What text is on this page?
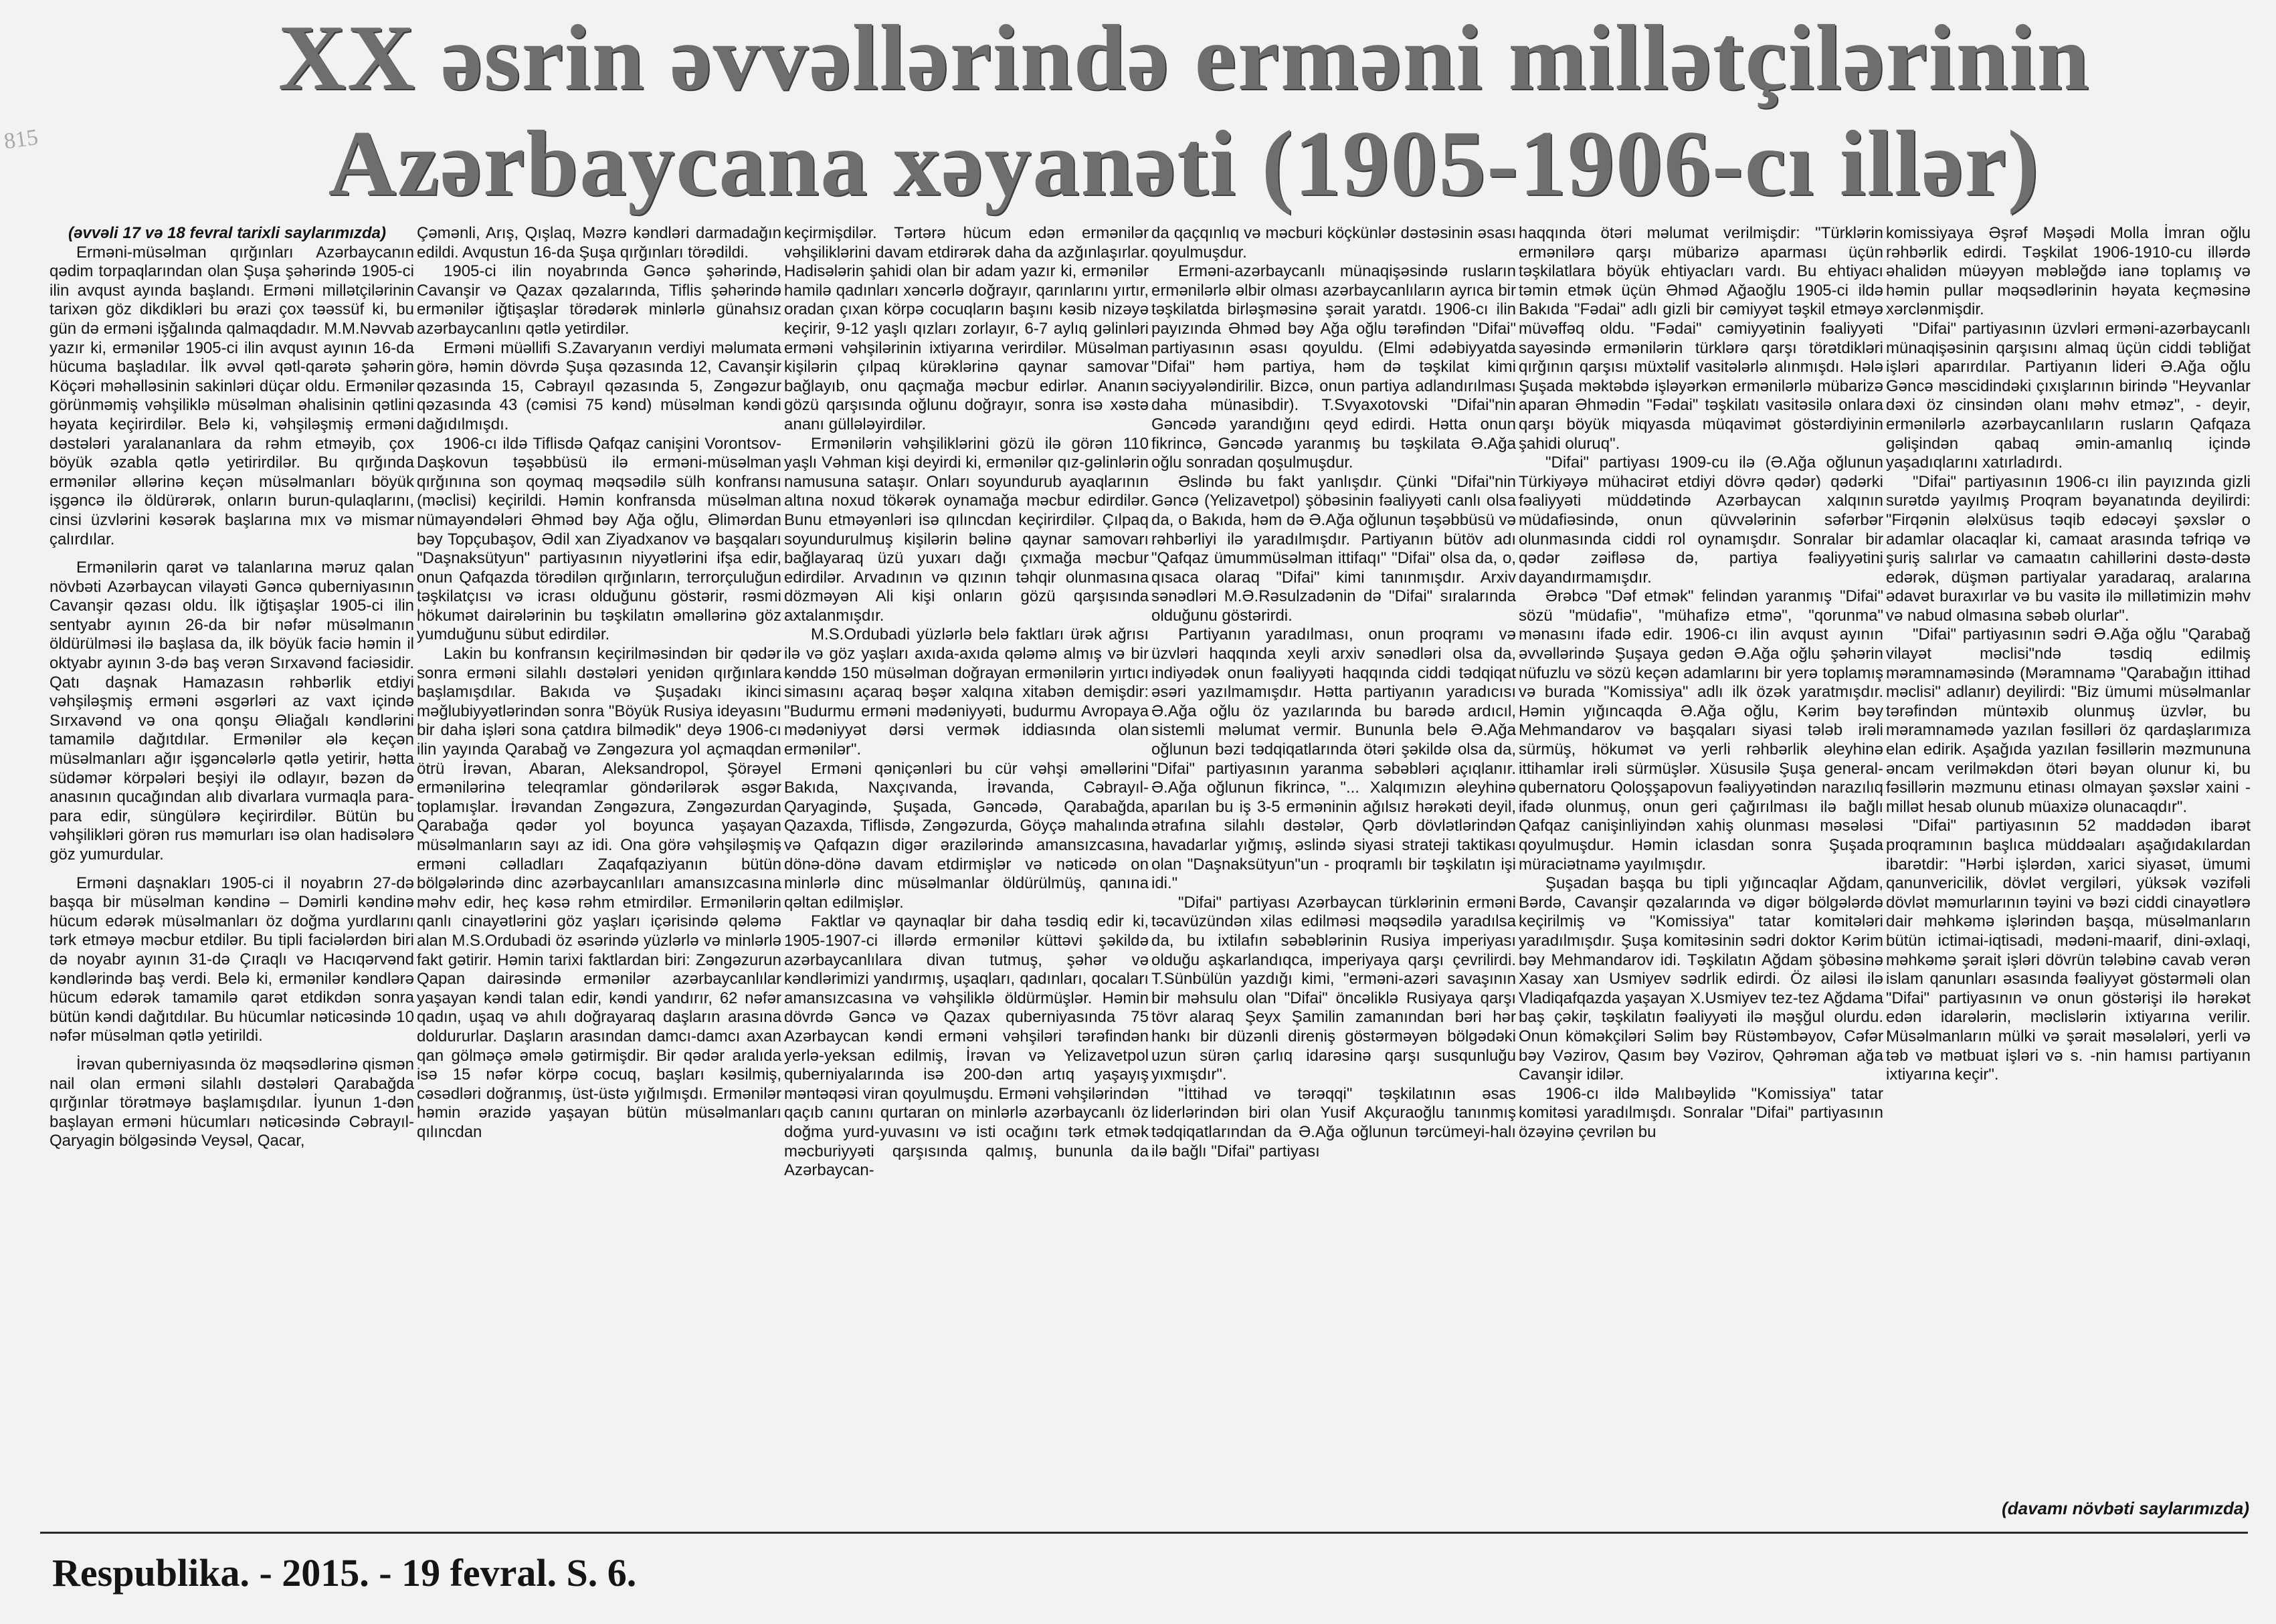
815
XX əsrin əvvəllərində erməni millətçilərinin
Azərbaycana xəyanəti (1905-1906-cı illər)

(əvvəli 17 və 18 fevral tarixli saylarımızda)

Erməni-müsəlman qırğınları Azərbaycanın qədim torpaqlarından olan Şuşa şəhərində 1905-ci ilin avqust ayında başlandı. Erməni millətçilərinin tarixən göz dikdikləri bu ərazi çox təəssüf ki, bu gün də erməni işğalında qalmaqdadır. M.M.Nəvvab yazır ki, ermənilər 1905-ci ilin avqust ayının 16-da hücuma başladılar. İlk əvvəl qətl-qarətə şəhərin Köçəri məhəlləsinin sakinləri düçar oldu. Ermənilər görünməmiş vəhşiliklə müsəlman əhalisinin qətlini həyata keçirirdilər. Belə ki, vəhşiləşmiş erməni dəstələri yaralananlara da rəhm etməyib, çox böyük əzabla qətlə yetirirdilər. Bu qırğında ermənilər əllərinə keçən müsəlmanları böyük işgəncə ilə öldürərək, onların burun-qulaqlarını, cinsi üzvlərini kəsərək başlarına mıx və mismar çalırdılar.

Ermənilərin qarət və talanlarına məruz qalan növbəti Azərbaycan vilayəti Gəncə quberniyasının Cavanşir qəzası oldu. İlk iğtişaşlar 1905-ci ilin sentyabr ayının 26-da bir nəfər müsəlmanın öldürülməsi ilə başlasa da, ilk böyük faciə həmin il oktyabr ayının 3-də baş verən Sırxavənd faciəsidir. Qatı daşnak Hamazasın rəhbərlik etdiyi vəhşiləşmiş erməni əsgərləri az vaxt içində Sırxavənd və ona qonşu Əliağalı kəndlərini tamamilə dağıtdılar. Ermənilər ələ keçən müsəlmanları ağır işgəncələrlə qətlə yetirir, hətta südəmər körpələri beşiyi ilə odlayır, bəzən də anasının qucağından alıb divarlara vurmaqla para-para edir, süngülərə keçirirdilər. Bütün bu vəhşilikləri görən rus məmurları isə olan hadisələrə göz yumurdular.

Erməni daşnakları 1905-ci il noyabrın 27-də başqa bir müsəlman kəndinə – Dəmirli kəndinə hücum edərək müsəlmanları öz doğma yurdlarını tərk etməyə məcbur etdilər. Bu tipli faciələrdən biri də noyabr ayının 31-də Çıraqlı və Hacıqərvənd kəndlərində baş verdi. Belə ki, ermənilər kəndlərə hücum edərək tamamilə qarət etdikdən sonra bütün kəndi dağıtdılar. Bu hücumlar nəticəsində 10 nəfər müsəlman qətlə yetirildi.

İrəvan quberniyasında öz məqsədlərinə qismən nail olan erməni silahlı dəstələri Qarabağda qırğınlar törətməyə başlamışdılar. İyunun 1-dən başlayan erməni hücumları nəticəsində Cəbrayıl-Qaryagin bölgəsində Veysəl, Qacar,

Çəmənli, Arış, Qışlaq, Məzrə kəndləri darmadağın edildi. Avqustun 16-da Şuşa qırğınları törədildi.

1905-ci ilin noyabrında Gəncə şəhərində, Cavanşir və Qazax qəzalarında, Tiflis şəhərində ermənilər iğtişaşlar törədərək minlərlə günahsız azərbaycanlını qətlə yetirdilər.

Erməni müəllifi S.Zavaryanın verdiyi məlumata görə, həmin dövrdə Şuşa qəzasında 12, Cavanşir qəzasında 15, Cəbrayıl qəzasında 5, Zəngəzur qəzasında 43 (cəmisi 75 kənd) müsəlman kəndi dağıdılmışdı.

1906-cı ildə Tiflisdə Qafqaz canişini Vorontsov-Daşkovun təşəbbüsü ilə erməni-müsəlman qırğınına son qoymaq məqsədilə sülh konfransı (məclisi) keçirildi. Həmin konfransda müsəlman nümayəndələri Əhməd bəy Ağa oğlu, Əlimərdan bəy Topçubaşov, Ədil xan Ziyadxanov və başqaları "Daşnaksütyun" partiyasının niyyətlərini ifşa edir, onun Qafqazda törədilən qırğınların, terrorçuluğun təşkilatçısı və icrası olduğunu göstərir, rəsmi hökumət dairələrinin bu təşkilatın əməllərinə göz yumduğunu sübut edirdilər.

Lakin bu konfransın keçirilməsindən bir qədər sonra erməni silahlı dəstələri yenidən qırğınlara başlamışdılar. Bakıda və Şuşadakı ikinci məğlubiyyətlərindən sonra "Böyük Rusiya ideyasını bir daha işləri sona çatdıra bilmədik" deyə 1906-cı ilin yayında Qarabağ və Zəngəzura yol açmaqdan ötrü İrəvan, Abaran, Aleksandropol, Şörəyel ermənilərinə teleqramlar göndərilərək əsgər toplamışlar. İrəvandan Zəngəzura, Zəngəzurdan Qarabağa qədər yol boyunca yaşayan müsəlmanların sayı az idi. Ona görə vəhşiləşmiş erməni cəlladları Zaqafqaziyanın bütün bölgələrində dinc azərbaycanlıları amansızcasına məhv edir, heç kəsə rəhm etmirdilər. Ermənilərin qanlı cinayətlərini göz yaşları içərisində qələmə alan M.S.Ordubadi öz əsərində yüzlərlə və minlərlə fakt gətirir. Həmin tarixi faktlardan biri: Zəngəzurun Qapan dairəsində ermənilər azərbaycanlılar yaşayan kəndi talan edir, kəndi yandırır, 62 nəfər qadın, uşaq və ahılı doğrayaraq daşların arasına doldururlar. Daşların arasından damcı-damcı axan qan gölməçə əmələ gətirmişdir. Bir qədər aralıda isə 15 nəfər körpə cocuq, başları kəsilmiş, cəsədləri doğranmış, üst-üstə yığılmışdı. Ermənilər həmin ərazidə yaşayan bütün müsəlmanları qılıncdan

keçirmişdilər. Tərtərə hücum edən ermənilər vəhşiliklərini davam etdirərək daha da azğınlaşırlar. Hadisələrin şahidi olan bir adam yazır ki, ermənilər hamilə qadınları xəncərlə doğrayır, qarınlarını yırtır, oradan çıxan körpə cocuqların başını kəsib nizəyə keçirir, 9-12 yaşlı qızları zorlayır, 6-7 aylıq gəlinləri erməni vəhşilərinin ixtiyarına verirdilər. Müsəlman kişilərin çılpaq kürəklərinə qaynar samovar bağlayıb, onu qaçmağa məcbur edirlər. Ananın gözü qarşısında oğlunu doğrayır, sonra isə xəstə ananı güllələyirdilər.

Ermənilərin vəhşiliklərini gözü ilə görən 110 yaşlı Vəhman kişi deyirdi ki, ermənilər qız-gəlinlərin namusuna sataşır. Onları soyundurub ayaqlarının altına noxud tökərək oynamağa məcbur edirdilər. Bunu etməyənləri isə qılıncdan keçirirdilər. Çılpaq soyundurulmuş kişilərin bəlinə qaynar samovarı bağlayaraq üzü yuxarı dağı çıxmağa məcbur edirdilər. Arvadının və qızının təhqir olunmasına dözməyən Ali kişi onların gözü qarşısında axtalanmışdır.

M.S.Ordubadi yüzlərlə belə faktları ürək ağrısı ilə və göz yaşları axıda-axıda qələmə almış və bir kənddə 150 müsəlman doğrayan ermənilərin yırtıcı simasını açaraq bəşər xalqına xitabən demişdir: "Budurmu erməni mədəniyyəti, budurmu Avropaya mədəniyyət dərsi vermək iddiasında olan ermənilər".

Erməni qəniçənləri bu cür vəhşi əməllərini Bakıda, Naxçıvanda, İrəvanda, Cəbrayıl-Qaryagində, Şuşada, Gəncədə, Qarabağda, Qazaxda, Tiflisdə, Zəngəzurda, Göyçə mahalında və Qafqazın digər ərazilərində amansızcasına, dönə-dönə davam etdirmişlər və nəticədə on minlərlə dinc müsəlmanlar öldürülmüş, qanına qəltan edilmişlər.

Faktlar və qaynaqlar bir daha təsdiq edir ki, 1905-1907-ci illərdə ermənilər küttəvi şəkildə azərbaycanlılara divan tutmuş, şəhər və kəndlərimizi yandırmış, uşaqları, qadınları, qocaları amansızcasına və vəhşiliklə öldürmüşlər. Həmin dövrdə Gəncə və Qazax quberniyasında 75 Azərbaycan kəndi erməni vəhşiləri tərəfindən yerlə-yeksan edilmiş, İrəvan və Yelizavetpol quberniyalarında isə 200-dən artıq yaşayış məntəqəsi viran qoyulmuşdu. Erməni vəhşilərindən qaçıb canını qurtaran on minlərlə azərbaycanlı öz doğma yurd-yuvasını və isti ocağını tərk etmək məcburiyyəti qarşısında qalmış, bununla da Azərbaycan-

da qaçqınlıq və məcburi köçkünlər dəstəsinin əsası qoyulmuşdur.

Erməni-azərbaycanlı münaqişəsində rusların ermənilərlə əlbir olması azərbaycanlıların ayrıca bir təşkilatda birləşməsinə şərait yaratdı. 1906-cı ilin payızında Əhməd bəy Ağa oğlu tərəfindən "Difai" partiyasının əsası qoyuldu. (Elmi ədəbiyyatda "Difai" həm partiya, həm də təşkilat kimi səciyyələndirilir. Bizcə, onun partiya adlandırılması daha münasibdir). T.Svyaxotovski "Difai"nin Gəncədə yarandığını qeyd edirdi. Hətta onun fikrincə, Gəncədə yaranmış bu təşkilata Ə.Ağa oğlu sonradan qoşulmuşdur.

Əslində bu fakt yanlışdır. Çünki "Difai"nin Gəncə (Yelizavetpol) şöbəsinin fəaliyyəti canlı olsa da, o Bakıda, həm də Ə.Ağa oğlunun təşəbbüsü və rəhbərliyi ilə yaradılmışdır. Partiyanın bütöv adı "Qafqaz ümummüsəlman ittifaqı" "Difai" olsa da, o, qısaca olaraq "Difai" kimi tanınmışdır. Arxiv sənədləri M.Ə.Rəsulzadənin də "Difai" sıralarında olduğunu göstərirdi.

Partiyanın yaradılması, onun proqramı və üzvləri haqqında xeyli arxiv sənədləri olsa da, indiyədək onun fəaliyyəti haqqında ciddi tədqiqat əsəri yazılmamışdır. Hətta partiyanın yaradıcısı Ə.Ağa oğlu öz yazılarında bu barədə ardıcıl, sistemli məlumat vermir. Bununla belə Ə.Ağa oğlunun bəzi tədqiqatlarında ötəri şəkildə olsa da, "Difai" partiyasının yaranma səbəbləri açıqlanır. Ə.Ağa oğlunun fikrincə, "... Xalqımızın əleyhinə aparılan bu iş 3-5 erməninin ağılsız hərəkəti deyil, ətrafına silahlı dəstələr, Qərb dövlətlərindən havadarlar yığmış, əslində siyasi strateji taktikası olan "Daşnaksütyun"un - proqramlı bir təşkilatın işi idi."

"Difai" partiyası Azərbaycan türklərinin erməni təcavüzündən xilas edilməsi məqsədilə yaradılsa da, bu ixtilafın səbəblərinin Rusiya imperiyası olduğu aşkarlandıqca, imperiyaya qarşı çevrilirdi. T.Sünbülün yazdığı kimi, "erməni-azəri savaşının bir məhsulu olan "Difai" öncəliklə Rusiyaya qarşı tövr alaraq Şeyx Şamilin zamanından bəri hər hankı bir düzənli direniş göstərməyən bölgədəki uzun sürən çarlıq idarəsinə qarşı susqunluğu yıxmışdır".

"İttihad və tərəqqi" təşkilatının əsas liderlərindən biri olan Yusif Akçuraoğlu tanınmış tədqiqatlarından da Ə.Ağa oğlunun tərcümeyi-halı ilə bağlı "Difai" partiyası

haqqında ötəri məlumat verilmişdir: "Türklərin ermənilərə qarşı mübarizə aparması üçün təşkilatlara böyük ehtiyacları vardı. Bu ehtiyacı təmin etmək üçün Əhməd Ağaoğlu 1905-ci ildə Bakıda "Fədai" adlı gizli bir cəmiyyət təşkil etməyə müvəffəq oldu. "Fədai" cəmiyyətinin fəaliyyəti sayəsində ermənilərin türklərə qarşı törətdikləri qırğının qarşısı müxtəlif vasitələrlə alınmışdı. Hələ Şuşada məktəbdə işləyərkən ermənilərlə mübarizə aparan Əhmədin "Fədai" təşkilatı vasitəsilə onlara qarşı böyük miqyasda müqavimət göstərdiyinin şahidi oluruq".

"Difai" partiyası 1909-cu ilə (Ə.Ağa oğlunun Türkiyəyə mühacirət etdiyi dövrə qədər) qədərki fəaliyyəti müddətində Azərbaycan xalqının müdafiəsində, onun qüvvələrinin səfərbər olunmasında ciddi rol oynamışdır. Sonralar bir qədər zəifləsə də, partiya fəaliyyətini dayandırmamışdır.

Ərəbcə "Dəf etmək" felindən yaranmış "Difai" sözü "müdafiə", "mühafizə etmə", "qorunma" mənasını ifadə edir. 1906-cı ilin avqust ayının əvvəllərində Şuşaya gedən Ə.Ağa oğlu şəhərin nüfuzlu və sözü keçən adamlarını bir yerə toplamış və burada "Komissiya" adlı ilk özək yaratmışdır. Həmin yığıncaqda Ə.Ağa oğlu, Kərim bəy Mehmandarov və başqaları siyasi tələb irəli sürmüş, hökumət və yerli rəhbərlik əleyhinə ittihamlar irəli sürmüşlər. Xüsusilə Şuşa general-qubernatoru Qoloşşapovun fəaliyyətindən narazılıq ifadə olunmuş, onun geri çağırılması ilə bağlı Qafqaz canişinliyindən xahiş olunması məsələsi qoyulmuşdur. Həmin iclasdan sonra Şuşada müraciətnamə yayılmışdır.

Şuşadan başqa bu tipli yığıncaqlar Ağdam, Bərdə, Cavanşir qəzalarında və digər bölgələrdə keçirilmiş və "Komissiya" tatar komitələri yaradılmışdır. Şuşa komitəsinin sədri doktor Kərim bəy Mehmandarov idi. Təşkilatın Ağdam şöbəsinə Xasay xan Usmiyev sədrlik edirdi. Öz ailəsi ilə Vladiqafqazda yaşayan X.Usmiyev tez-tez Ağdama baş çəkir, təşkilatın fəaliyyəti ilə məşğul olurdu. Onun köməkçiləri Səlim bəy Rüstəmbəyov, Cəfər bəy Vəzirov, Qasım bəy Vəzirov, Qəhrəman ağa Cavanşir idilər.

1906-cı ildə Malıbəylidə "Komissiya" tatar komitəsi yaradılmışdı. Sonralar "Difai" partiyasının özəyinə çevrilən bu

komissiyaya Əşrəf Məşədi Molla İmran oğlu rəhbərlik edirdi. Təşkilat 1906-1910-cu illərdə əhalidən müəyyən məbləğdə ianə toplamış və həmin pullar məqsədlərinin həyata keçməsinə xərclənmişdir.

"Difai" partiyasının üzvləri erməni-azərbaycanlı münaqişəsinin qarşısını almaq üçün ciddi təbliğat işləri aparırdılar. Partiyanın lideri Ə.Ağa oğlu Gəncə məscidindəki çıxışlarının birində "Heyvanlar dəxi öz cinsindən olanı məhv etməz", - deyir, ermənilərlə azərbaycanlıların rusların Qafqaza gəlişindən qabaq əmin-amanlıq içində yaşadıqlarını xatırladırdı.

"Difai" partiyasının 1906-cı ilin payızında gizli surətdə yayılmış Proqram bəyanatında deyilirdi: "Firqənin ələlxüsus təqib edəcəyi şəxslər o adamlar olacaqlar ki, camaat arasında təfriqə və şuriş salırlar və camaatın cahillərini dəstə-dəstə edərək, düşmən partiyalar yaradaraq, aralarına ədavət buraxırlar və bu vasitə ilə millətimizin məhv və nabud olmasına səbəb olurlar".

"Difai" partiyasının sədri Ə.Ağa oğlu "Qarabağ vilayət məclisi"ndə təsdiq edilmiş məramnaməsində (Məramnamə "Qarabağın ittihad məclisi" adlanır) deyilirdi: "Biz ümumi müsəlmanlar tərəfindən müntəxib olunmuş üzvlər, bu məramnamədə yazılan fəsilləri öz qardaşlarımıza elan edirik. Aşağıda yazılan fəsillərin məzmununa əncam verilməkdən ötəri bəyan olunur ki, bu fəsillərin məzmunu etinası olmayan şəxslər xaini - millət hesab olunub müaxizə olunacaqdır".

"Difai" partiyasının 52 maddədən ibarət proqramının başlıca müddəaları aşağıdakılardan ibarətdir: "Hərbi işlərdən, xarici siyasət, ümumi qanunvericilik, dövlət vergiləri, yüksək vəzifəli dövlət məmurlarının təyini və bəzi ciddi cinayətlərə dair məhkəmə işlərindən başqa, müsəlmanların bütün ictimai-iqtisadi, mədəni-maarif, dini-əxlaqi, məhkəmə şərait işləri dövrün tələbinə cavab verən islam qanunları əsasında fəaliyyət göstərməli olan "Difai" partiyasının və onun göstərişi ilə hərəkət edən idarələrin, məclislərin ixtiyarına verilir. Müsəlmanların mülki və şərait məsələləri, yerli və təb və mətbuat işləri və s. -nin hamısı partiyanın ixtiyarına keçir".

(davamı növbəti saylarımızda)
Respublika. - 2015. - 19 fevral. S. 6.
